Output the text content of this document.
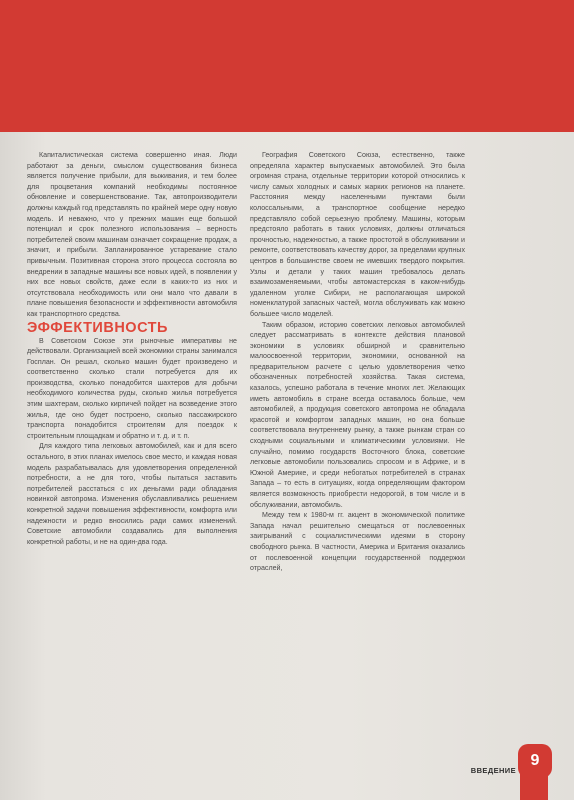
Капиталистическая система совершенно иная. Люди работают за деньги, смыслом существования бизнеса является получение прибыли, для выживания, и тем более для процветания компаний необходимы постоянное обновление и совершенствование. Так, автопроизводители должны каждый год представлять по крайней мере одну новую модель. И неважно, что у прежних машин еще большой потенциал и срок полезного использования – верность потребителей своим машинам означает сокращение продаж, а значит, и прибыли. Запланированное устаревание стало привычным. Позитивная сторона этого процесса состояла во внедрении в западные машины все новых идей, в появлении у них все новых свойств, даже если в каких-то из них и отсутствовала необходимость или они мало что давали в плане повышения безопасности и эффективности автомобиля как транспортного средства.

ЭФФЕКТИВНОСТЬ

В Советском Союзе эти рыночные императивы не действовали. Организацией всей экономики страны занимался Госплан. Он решал, сколько машин будет произведено и соответственно сколько стали потребуется для их производства, сколько понадобится шахтеров для добычи необходимого количества руды, сколько жилья потребуется этим шахтерам, сколько кирпичей пойдет на возведение этого жилья, где оно будет построено, сколько пассажирского транспорта понадобится строителям для поездок к строительным площадкам и обратно и т. д. и т. п.

Для каждого типа легковых автомобилей, как и для всего остального, в этих планах имелось свое место, и каждая новая модель разрабатывалась для удовлетворения определенной потребности, а не для того, чтобы пытаться заставить потребителей расстаться с их деньгами ради обладания новинкой автопрома. Изменения обуславливались решением конкретной задачи повышения эффективности, комфорта или надежности и редко вносились ради самих изменений. Советские автомобили создавались для выполнения конкретной работы, и не на один-два года.

География Советского Союза, естественно, также определяла характер выпускаемых автомобилей. Это была огромная страна, отдельные территории которой относились к числу самых холодных и самых жарких регионов на планете. Расстояния между населенными пунктами были колоссальными, а транспортное сообщение нередко представляло собой серьезную проблему. Машины, которым предстояло работать в таких условиях, должны отличаться прочностью, надежностью, а также простотой в обслуживании и ремонте, соответствовать качеству дорог, за пределами крупных центров в большинстве своем не имевших твердого покрытия. Узлы и детали у таких машин требовалось делать взаимозаменяемыми, чтобы автомастерская в каком-нибудь удаленном уголке Сибири, не располагающая широкой номенклатурой запасных частей, могла обслуживать как можно большее число моделей.

Таким образом, историю советских легковых автомобилей следует рассматривать в контексте действия плановой экономики в условиях обширной и сравнительно малоосвоенной территории, экономики, основанной на предварительном расчете с целью удовлетворения четко обозначенных потребностей хозяйства. Такая система, казалось, успешно работала в течение многих лет. Желающих иметь автомобиль в стране всегда оставалось больше, чем автомобилей, а продукция советского автопрома не обладала красотой и комфортом западных машин, но она больше соответствовала внутреннему рынку, а также рынкам стран со сходными социальными и климатическими условиями. Не случайно, помимо государств Восточного блока, советские легковые автомобили пользовались спросом и в Африке, и в Южной Америке, и среди небогатых потребителей в странах Запада – то есть в ситуациях, когда определяющим фактором является возможность приобрести недорогой, в том числе и в обслуживании, автомобиль.

Между тем к 1980-м гг. акцент в экономической политике Запада начал решительно смещаться от послевоенных заигрываний с социалистическими идеями в сторону свободного рынка. В частности, Америка и Британия оказались от послевоенной концепции государственной поддержки отраслей,

ВВЕДЕНИЕ
9
